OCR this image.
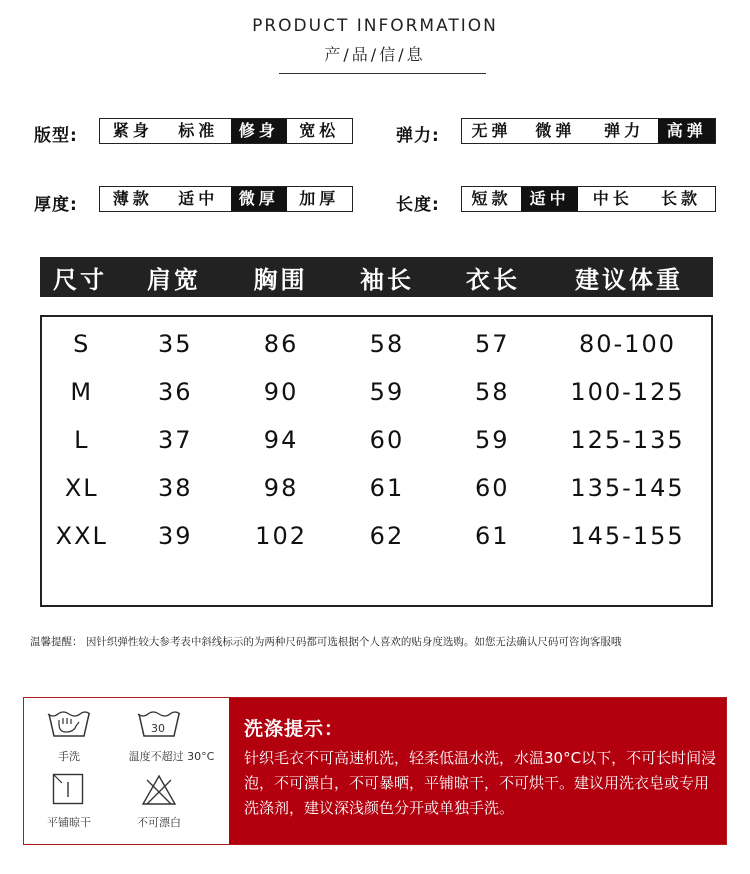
PRODUCT INFORMATION
产/品/信/息
版型:	紧身	标准	修身	宽松	弹力:	无弹	微弹	弹力	高弹
厚度:	薄款	适中	微厚	加厚	长度:	短款	适中	中长	长款
尺寸	肩宽	胸围	袖长	衣长	建议体重
S	35	86	58	57	80-100
M	36	90	59	58	100-125
L	37	94	60	59	125-135
XL	38	98	61	60	135-145
XXL	39	102	62	61	145-155
温馨提醒： 因针织弹性较大参考表中斜线标示的为两种尺码都可选根据个人喜欢的贴身度选购。如您无法确认尺码可咨询客服哦
手洗
30
温度不超过 30°C
平铺晾干	不可漂白
洗涤提示：
针织毛衣不可高速机洗，轻柔低温水洗，水温30°C以下，不可长时间浸泡，不可漂白，不可暴晒，平铺晾干，不可烘干。建议用洗衣皂或专用洗涤剂，建议深浅颜色分开或单独手洗。
